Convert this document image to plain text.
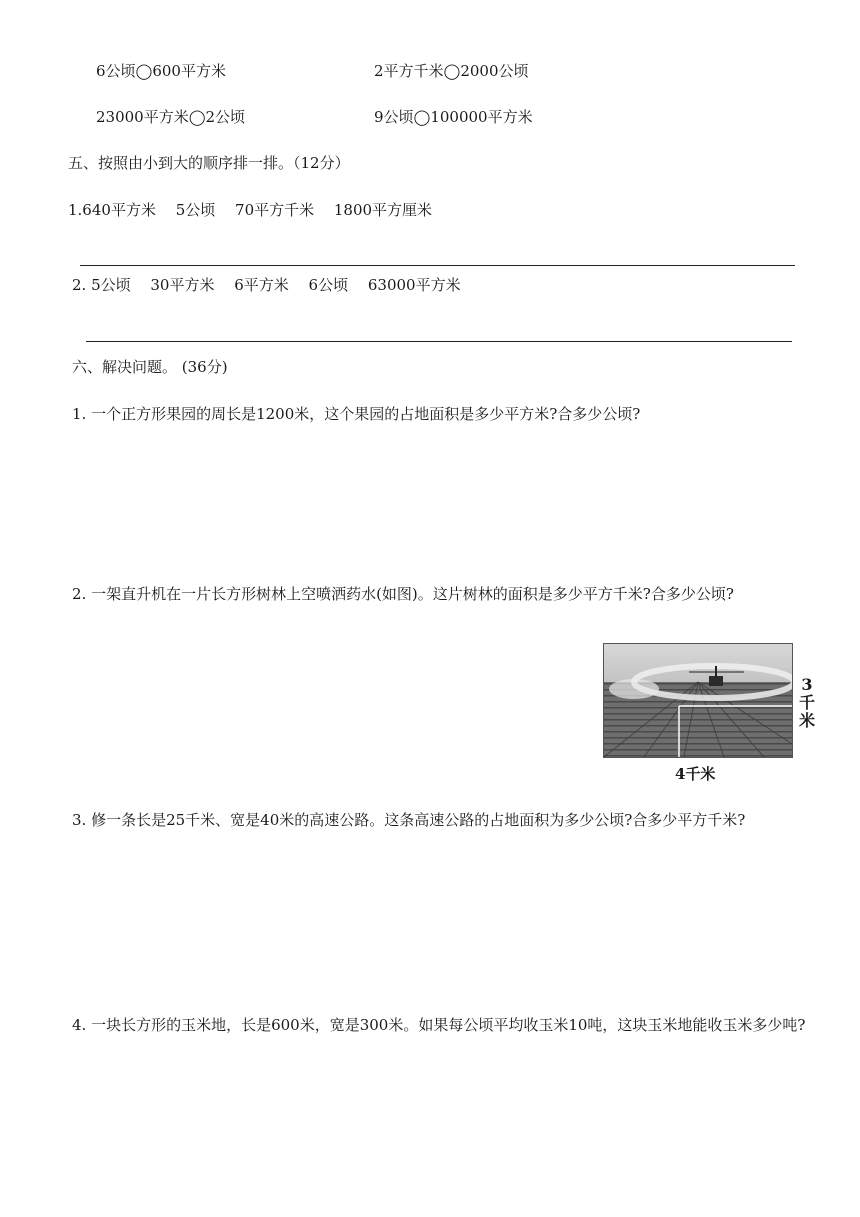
6公顷◯600平方米	2平方千米◯2000公顷
23000平方米◯2公顷	9公顷◯100000平方米
五、按照由小到大的顺序排一排。（12分）
1.640平方米　 5公顷　 70平方千米　 1800平方厘米
2. 5公顷　 30平方米　 6平方米　 6公顷　 63000平方米
六、解决问题。 (36分)
1. 一个正方形果园的周长是1200米，这个果园的占地面积是多少平方米?合多少公顷?
2. 一架直升机在一片长方形树林上空喷洒药水(如图)。这片树林的面积是多少平方千米?合多少公顷?
3千米
4千米
3. 修一条长是25千米、宽是40米的高速公路。这条高速公路的占地面积为多少公顷?合多少平方千米?
4. 一块长方形的玉米地，长是600米，宽是300米。如果每公顷平均收玉米10吨，这块玉米地能收玉米多少吨?
